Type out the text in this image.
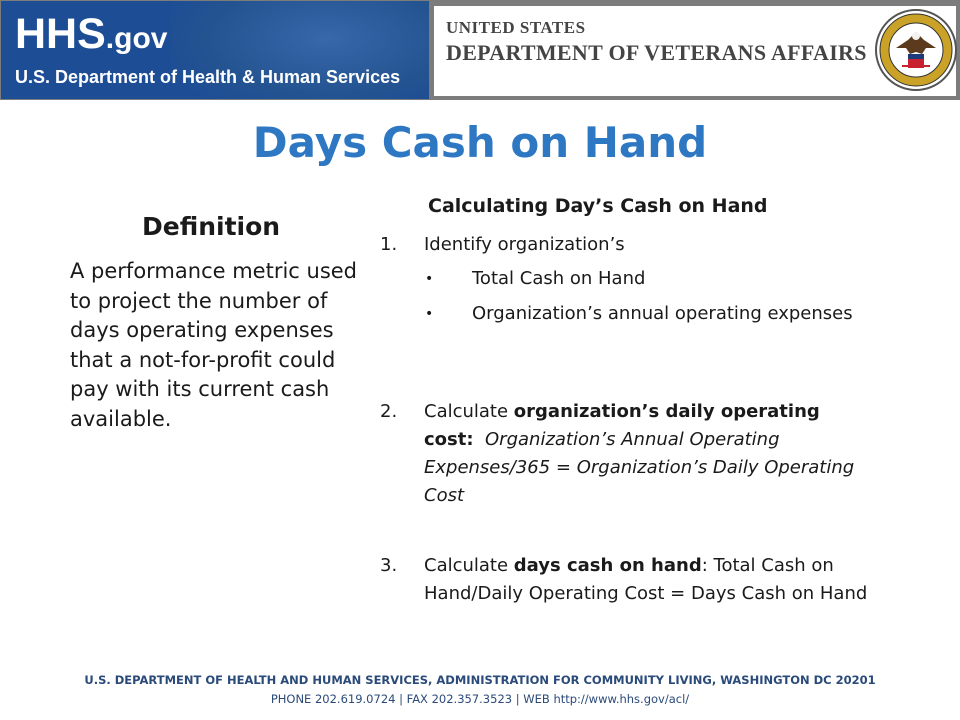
HHS.gov
U.S. Department of Health & Human Services
UNITED STATES
DEPARTMENT OF VETERANS AFFAIRS
Days Cash on Hand
Definition
A performance metric used to project the number of days operating expenses that a not-for-profit could pay with its current cash available.
Calculating Day’s Cash on Hand
1. Identify organization’s
• Total Cash on Hand
• Organization’s annual operating expenses
2. Calculate organization’s daily operating cost: Organization’s Annual Operating Expenses/365 = Organization’s Daily Operating Cost
3. Calculate days cash on hand: Total Cash on Hand/Daily Operating Cost = Days Cash on Hand
U.S. DEPARTMENT OF HEALTH AND HUMAN SERVICES, ADMINISTRATION FOR COMMUNITY LIVING, WASHINGTON DC 20201
PHONE 202.619.0724 | FAX 202.357.3523 | WEB http://www.hhs.gov/acl/
